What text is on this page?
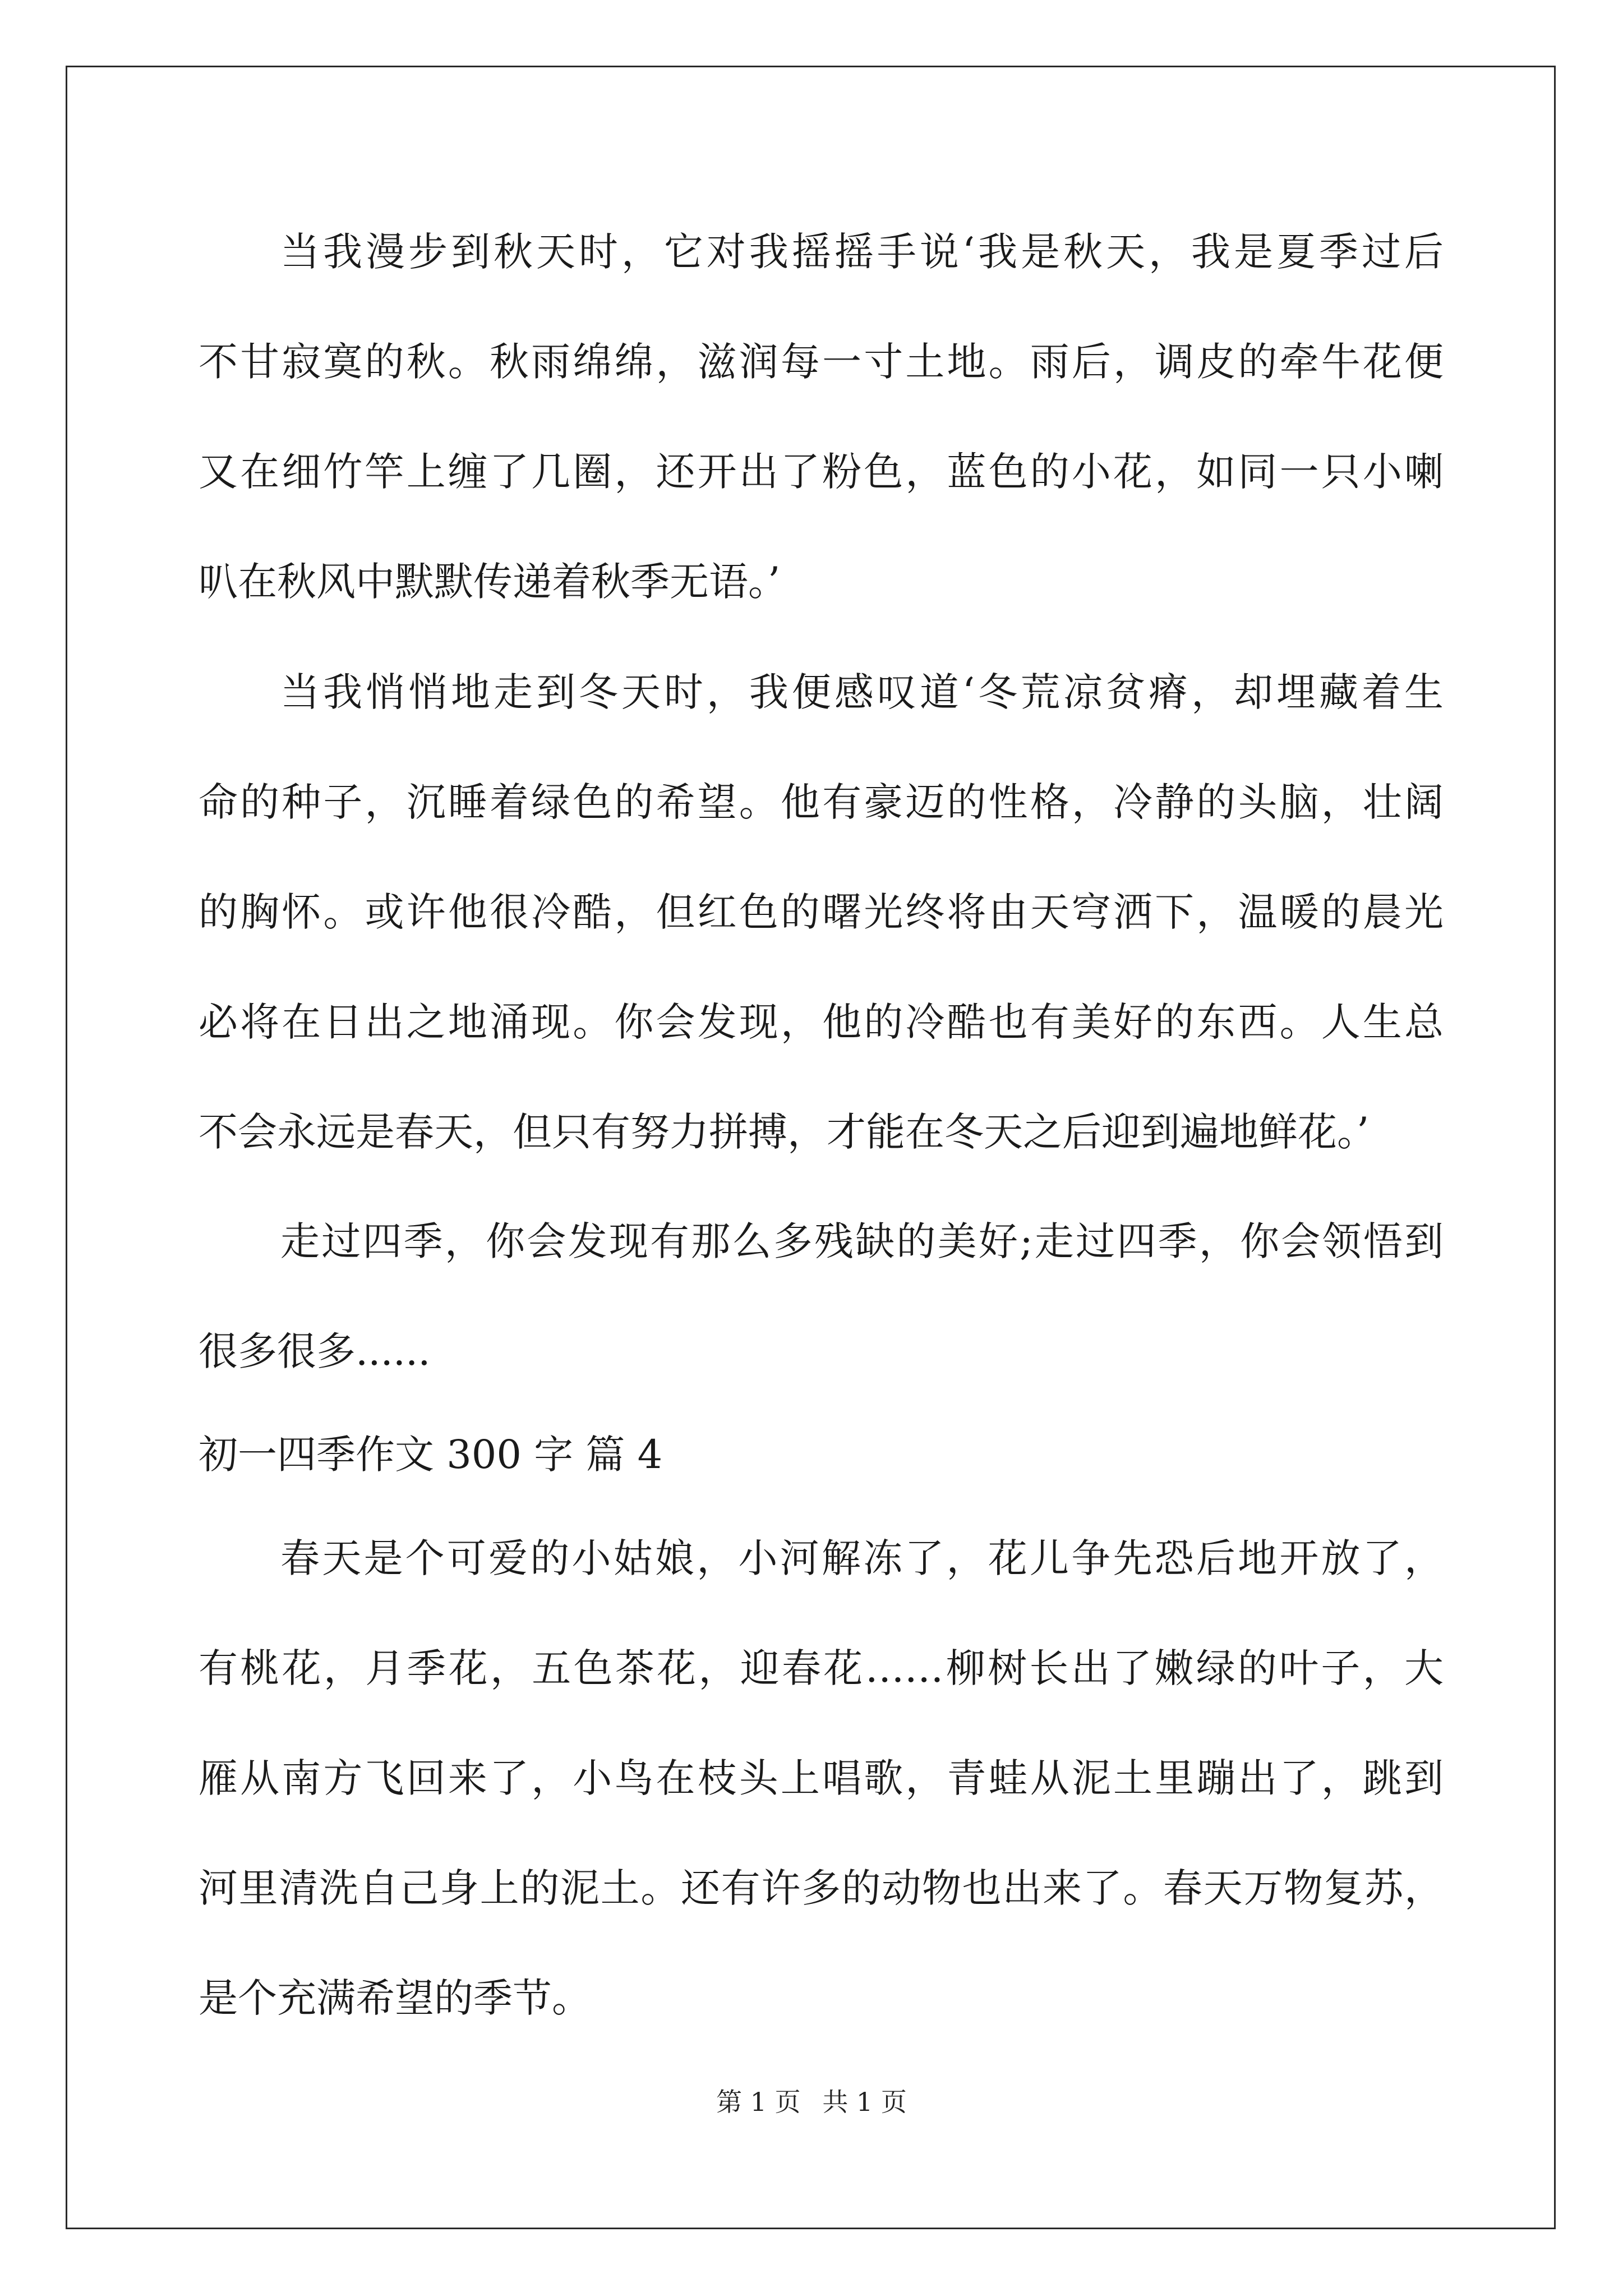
当我漫步到秋天时，它对我摇摇手说‘我是秋天，我是夏季过后
不甘寂寞的秋。秋雨绵绵，滋润每一寸土地。雨后，调皮的牵牛花便
又在细竹竿上缠了几圈，还开出了粉色，蓝色的小花，如同一只小喇
叭在秋风中默默传递着秋季无语。’
当我悄悄地走到冬天时，我便感叹道‘冬荒凉贫瘠，却埋藏着生
命的种子，沉睡着绿色的希望。他有豪迈的性格，冷静的头脑，壮阔
的胸怀。或许他很冷酷，但红色的曙光终将由天穹洒下，温暖的晨光
必将在日出之地涌现。你会发现，他的冷酷也有美好的东西。人生总
不会永远是春天，但只有努力拼搏，才能在冬天之后迎到遍地鲜花。’
走过四季，你会发现有那么多残缺的美好;走过四季，你会领悟到
很多很多......
初一四季作文 300 字 篇 4
春天是个可爱的小姑娘，小河解冻了，花儿争先恐后地开放了，
有桃花，月季花，五色茶花，迎春花……柳树长出了嫩绿的叶子，大
雁从南方飞回来了，小鸟在枝头上唱歌，青蛙从泥土里蹦出了，跳到
河里清洗自己身上的泥土。还有许多的动物也出来了。春天万物复苏，
是个充满希望的季节。
第 1 页 共 1 页
